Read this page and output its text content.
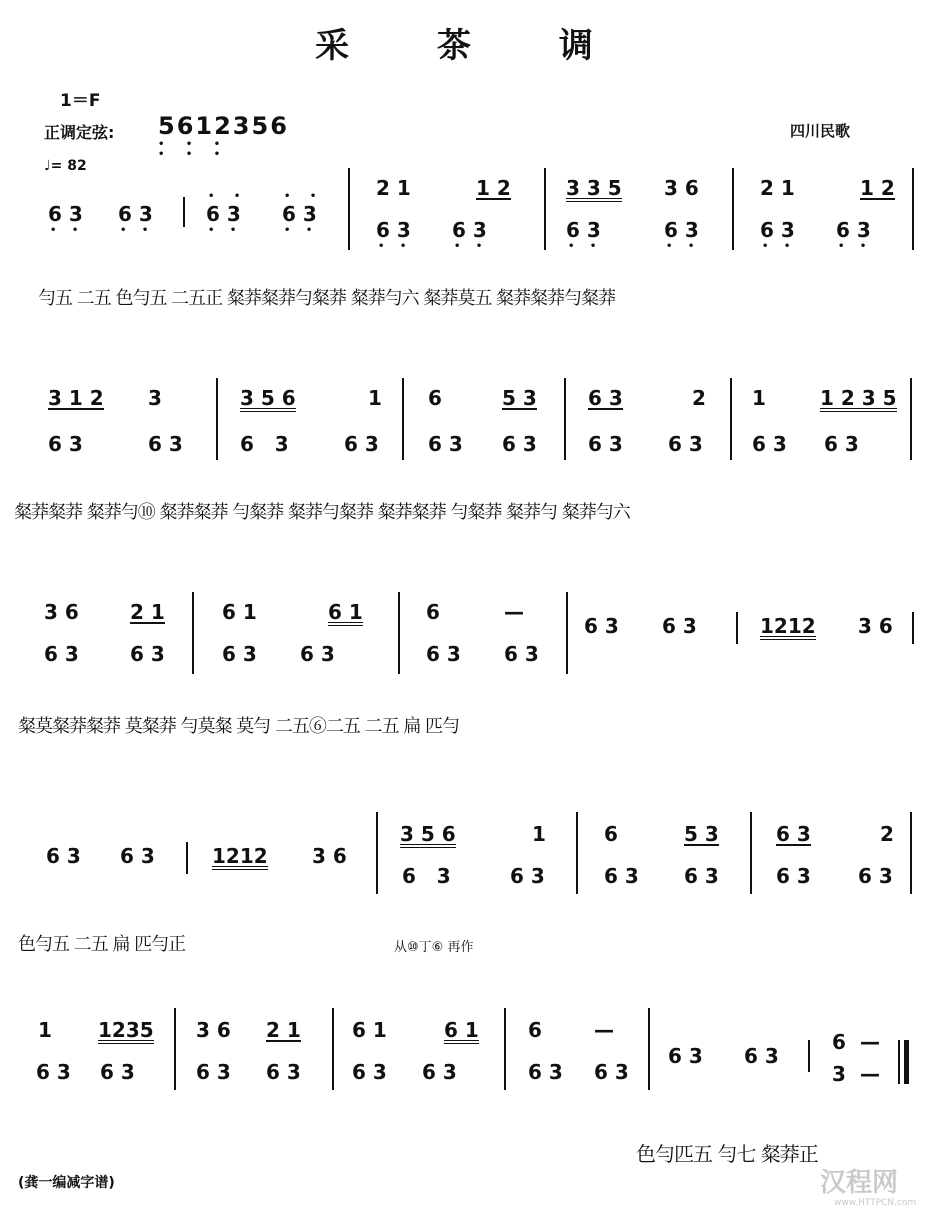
采 茶 调
1＝F
正调定弦: 5612356
• • •
• • •
♩= 82
四川民歌
6 3
• •
6 3
• •
6 3
• •
• •
6 3
• •
• •	2 1	1 2
6 3 6 3
• •	• •
3 3 5 3 6
6 3	6 3
• •	• •
2 1	1 2
6 3 6 3
• •	• •
勻五 二五 色勻五 二五正 粲莽粲莽勻粲莽 粲莽勻六 粲莽莫五 粲莽粲莽勻粲莽
3 1 2 3
6 3	6 3
3 5 6	1
6   3	6 3
6	5 3
6 3 6 3
6 3	2
6 3 6 3
1	1 2 3 5
6 3 6 3
粲莽粲莽 粲莽勻⑩ 粲莽粲莽 勻粲莽 粲莽勻粲莽 粲莽粲莽 勻粲莽 粲莽勻 粲莽勻六
3 6	2 1
6 3	6 3
6 1	6 1
6 3 6 3
6	—
6 3 6 3
6 3 6 3	1212 3 6
粲莫粲莽粲莽 莫粲莽 勻莫粲 莫勻 二五⑥二五 二五 扁 匹勻
6 3 6 3	1212 3 6
3 5 6	1
6   3	6 3
6	5 3
6 3 6 3
6 3	2
6 3 6 3
色勻五 二五 扁 匹勻正	从⑩丁⑥ 再作
1 1235
6 3 6 3
3 6 2 1
6 3 6 3
6 1	6 1
6 3 6 3
6	—
6 3 6 3
6 3 6 3
6 —
3 —
色勻匹五 勻七 粲莽正
(龚一编减字谱)	汉程网
www.HTTPCN.com
